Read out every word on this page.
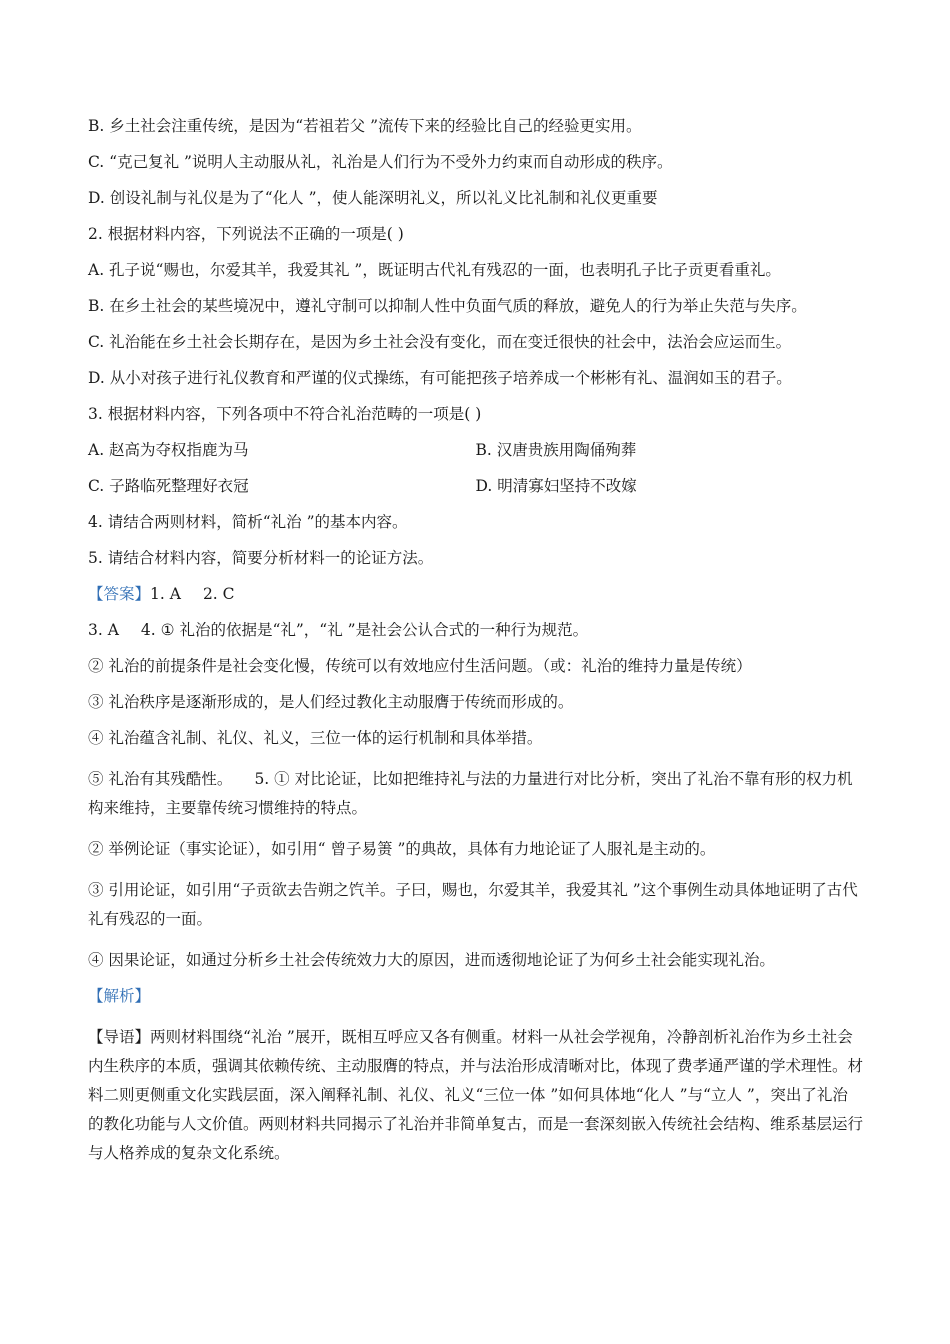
B. 乡土社会注重传统，是因为“若祖若父 ”流传下来的经验比自己的经验更实用。

C. “克己复礼 ”说明人主动服从礼，礼治是人们行为不受外力约束而自动形成的秩序。

D. 创设礼制与礼仪是为了“化人 ”，使人能深明礼义，所以礼义比礼制和礼仪更重要

2. 根据材料内容，下列说法不正确的一项是( )

A. 孔子说“赐也，尔爱其羊，我爱其礼 ”，既证明古代礼有残忍的一面，也表明孔子比子贡更看重礼。

B. 在乡土社会的某些境况中，遵礼守制可以抑制人性中负面气质的释放，避免人的行为举止失范与失序。

C. 礼治能在乡土社会长期存在，是因为乡土社会没有变化，而在变迁很快的社会中，法治会应运而生。

D. 从小对孩子进行礼仪教育和严谨的仪式操练，有可能把孩子培养成一个彬彬有礼、温润如玉的君子。

3. 根据材料内容，下列各项中不符合礼治范畴的一项是( )

A. 赵高为夺权指鹿为马	B. 汉唐贵族用陶俑殉葬
C. 子路临死整理好衣冠	D. 明清寡妇坚持不改嫁

4. 请结合两则材料，简析“礼治 ”的基本内容。

5. 请结合材料内容，简要分析材料一的论证方法。

【答案】1. A 2. C

3. A 4. ① 礼治的依据是“礼”，“礼 ”是社会公认合式的一种行为规范。

② 礼治的前提条件是社会变化慢，传统可以有效地应付生活问题。（或：礼治的维持力量是传统）

③ 礼治秩序是逐渐形成的，是人们经过教化主动服膺于传统而形成的。

④ 礼治蕴含礼制、礼仪、礼义，三位一体的运行机制和具体举措。

⑤ 礼治有其残酷性。 5. ① 对比论证，比如把维持礼与法的力量进行对比分析，突出了礼治不靠有形的权力机构来维持，主要靠传统习惯维持的特点。

② 举例论证（事实论证），如引用“ 曾子易箦 ”的典故，具体有力地论证了人服礼是主动的。

③ 引用论证，如引用“子贡欲去告朔之饩羊。子曰，赐也，尔爱其羊，我爱其礼 ”这个事例生动具体地证明了古代礼有残忍的一面。

④ 因果论证，如通过分析乡土社会传统效力大的原因，进而透彻地论证了为何乡土社会能实现礼治。

【解析】

【导语】两则材料围绕“礼治 ”展开，既相互呼应又各有侧重。材料一从社会学视角，冷静剖析礼治作为乡土社会内生秩序的本质，强调其依赖传统、主动服膺的特点，并与法治形成清晰对比，体现了费孝通严谨的学术理性。材料二则更侧重文化实践层面，深入阐释礼制、礼仪、礼义“三位一体 ”如何具体地“化人 ”与“立人 ”，突出了礼治的教化功能与人文价值。两则材料共同揭示了礼治并非简单复古，而是一套深刻嵌入传统社会结构、维系基层运行与人格养成的复杂文化系统。
